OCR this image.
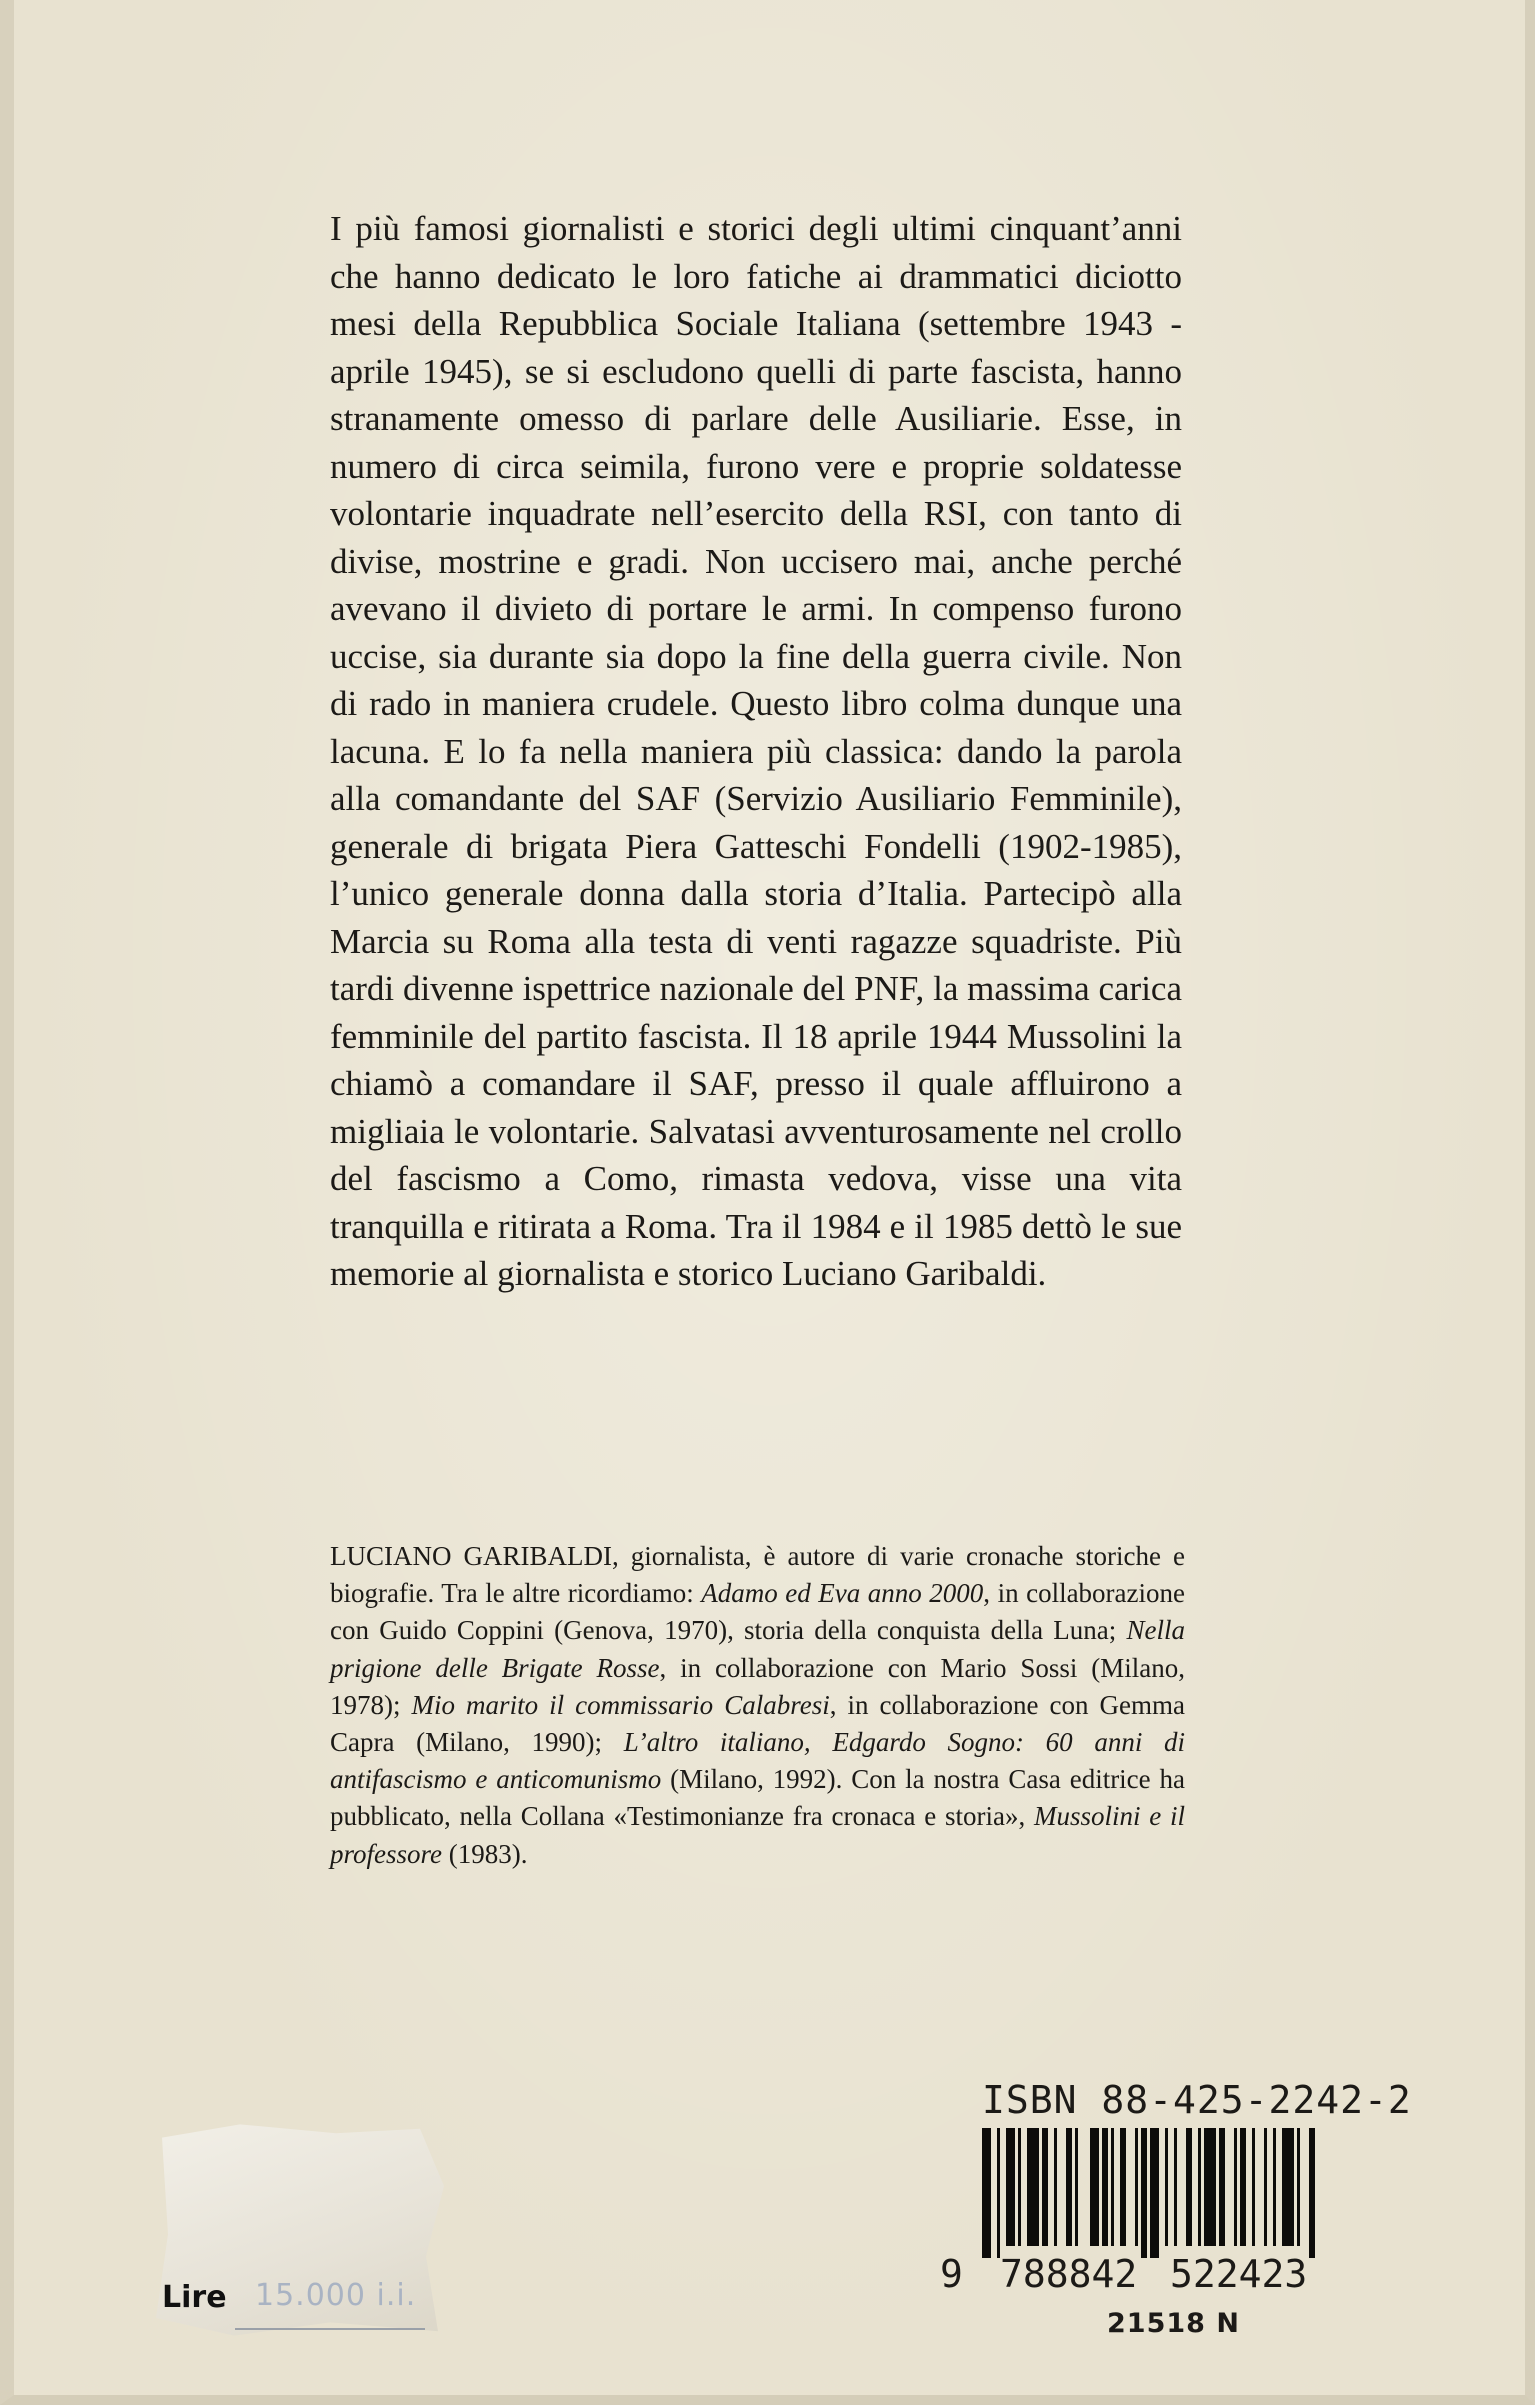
I più famosi giornalisti e storici degli ultimi cinquant’anni che hanno dedicato le loro fatiche ai drammatici diciotto mesi della Repubblica Sociale Italiana (settembre 1943 - aprile 1945), se si escludono quelli di parte fascista, hanno stranamente omesso di parlare delle Ausiliarie. Esse, in numero di circa seimila, furono vere e proprie soldatesse volontarie inquadrate nell’esercito della RSI, con tanto di divise, mostrine e gradi. Non uccisero mai, anche perché avevano il divieto di portare le armi. In compenso furono uccise, sia durante sia dopo la fine della guerra civile. Non di rado in maniera crudele. Questo libro colma dunque una lacuna. E lo fa nella maniera più classica: dando la parola alla comandante del SAF (Servizio Ausiliario Femminile), generale di brigata Piera Gatteschi Fondelli (1902-1985), l’unico generale donna dalla storia d’Italia. Partecipò alla Marcia su Roma alla testa di venti ragazze squadriste. Più tardi divenne ispettrice nazionale del PNF, la massima carica femminile del partito fascista. Il 18 aprile 1944 Mussolini la chiamò a comandare il SAF, presso il quale affluirono a migliaia le volontarie. Salvatasi avventurosamente nel crollo del fascismo a Como, rimasta vedova, visse una vita tranquilla e ritirata a Roma. Tra il 1984 e il 1985 dettò le sue memorie al giornalista e storico Luciano Garibaldi.

LUCIANO GARIBALDI, giornalista, è autore di varie cronache storiche e biografie. Tra le altre ricordiamo: Adamo ed Eva anno 2000, in collaborazione con Guido Coppini (Genova, 1970), storia della conquista della Luna; Nella prigione delle Brigate Rosse, in collaborazione con Mario Sossi (Milano, 1978); Mio marito il commissario Calabresi, in collaborazione con Gemma Capra (Milano, 1990); L’altro italiano, Edgardo Sogno: 60 anni di antifascismo e anticomunismo (Milano, 1992). Con la nostra Casa editrice ha pubblicato, nella Collana «Testimonianze fra cronaca e storia», Mussolini e il professore (1983).

ISBN 88-425-2242-2
9 788842 522423
21518 N
Lire 15.000 i.i.
